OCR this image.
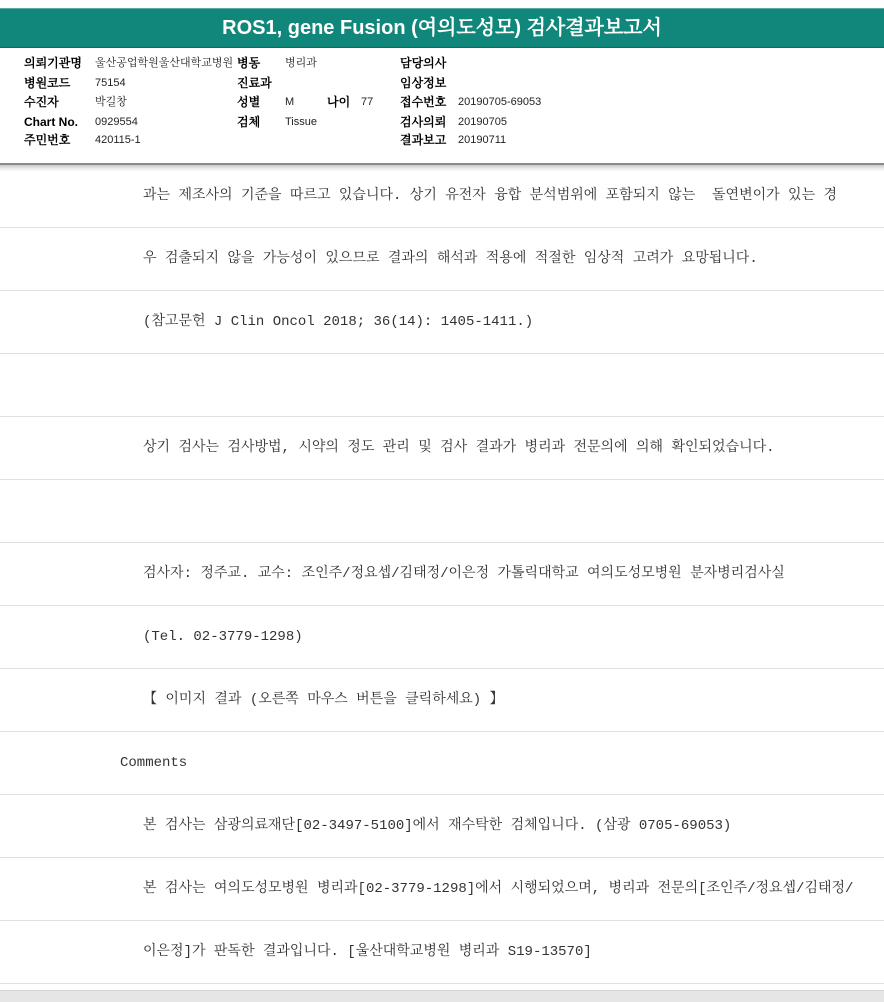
ROS1, gene Fusion (여의도성모) 검사결과보고서
의뢰기관명 울산공업학원울산대학교병원 병동 병리과	담당의사
병원코드 75154	진료과	임상정보
수진자	박길창	성별 M	나이 77 접수번호 20190705-69053
Chart No. 0929554	검체 Tissue	검사의뢰 20190705
주민번호 420115-1	결과보고 20190711
과는 제조사의 기준을 따르고 있습니다. 상기 유전자 융합 분석범위에 포함되지 않는  돌연변이가 있는 경
우 검출되지 않을 가능성이 있으므로 결과의 해석과 적용에 적절한 임상적 고려가 요망됩니다.
(참고문헌 J Clin Oncol 2018; 36(14): 1405-1411.)
상기 검사는 검사방법, 시약의 정도 관리 및 검사 결과가 병리과 전문의에 의해 확인되었습니다.
검사자: 정주교. 교수: 조인주/정요셉/김태정/이은정 가톨릭대학교 여의도성모병원 분자병리검사실
(Tel. 02-3779-1298)
【 이미지 결과 (오른쪽 마우스 버튼을 클릭하세요) 】
Comments
본 검사는 삼광의료재단[02-3497-5100]에서 재수탁한 검체입니다. (삼광 0705-69053)
본 검사는 여의도성모병원 병리과[02-3779-1298]에서 시행되었으며, 병리과 전문의[조인주/정요셉/김태정/
이은정]가 판독한 결과입니다. [울산대학교병원 병리과 S19-13570]
